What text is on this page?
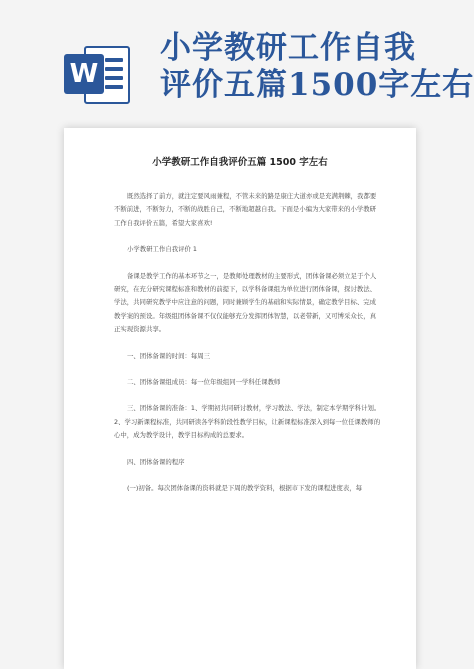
W
小学教研工作自我
评价五篇1500字左右
小学教研工作自我评价五篇 1500 字左右

既然选择了前方，就注定要风雨兼程，不管未来的路是康庄大道亦或是充满荆棘，我都要不断前进，不断努力，不断的战胜自己，不断地超越自我。下面是小编为大家带来的小学教研工作自我评价五篇，希望大家喜欢!

小学教研工作自我评价 1

备课是教学工作的基本环节之一，是教师处理教材的主要形式，团体备课必须立足于个人研究，在充分研究课程标准和教材的前提下，以学科备课组为单位进行团体备课，探讨教法、学法，共同研究教学中应注意的问题，同时兼顾学生的基础和实际情景，确定教学目标、完成教学案的预设。年级组团体备课不仅仅能够充分发挥团体智慧，以老带新，又可博采众长，真正实现资源共享。

一、团体备课的时间：每周三

二、团体备课组成员：每一位年级组同一学科任课教师

三、团体备课的准备：1、学期初共同研讨教材，学习教法、学法，制定本学期学科计划。2、学习新课程标准，共同研读各学科阶段性教学目标，让新课程标准深入到每一位任课教师的心中，成为教学设计，教学目标构成的总要求。

四、团体备课的程序

(一)初备。每次团体备课的资料就是下周的教学资料，根据市下发的课程进度表，每
